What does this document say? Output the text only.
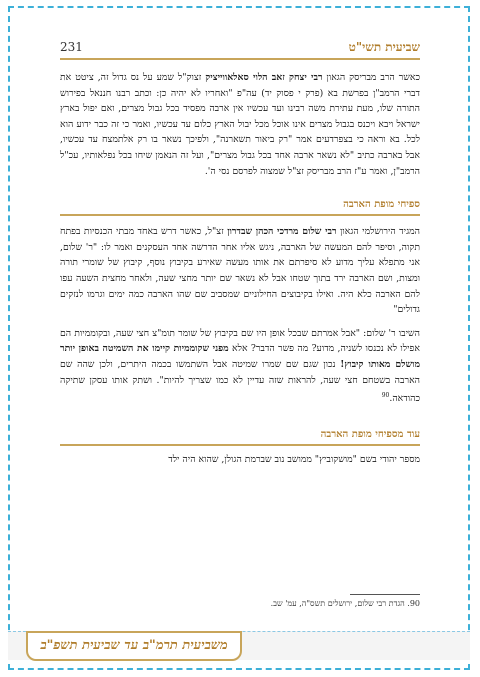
שביעית תשי"ט
231

כאשר הרב מבריסק הגאון רבי יצחק זאב הלוי סאלאווייציק זצוק"ל שמע על נס גדול זה, ציטט את דברי הרמב"ן בפרשת בא (פרק י פסוק יד) עה"פ "ואחריו לא יהיה כן: וכתב רבנו חננאל בפירוש התורה שלו, מעת עתירת משה רבינו ועד עכשיו אין ארבה מפסיד בכל גבול מצרים, ואם יפול בארץ ישראל ויבא ויכנס בגבול מצרים אינו אוכל מכל יבול הארץ כלום עד עכשיו, ואמר כי זה כבר ידוע הוא לכל. בא וראה כי בצפרדעים אמר "רק ביאור תשארנה", ולפיכך נשאר בו רק אלתמצח עד עכשיו, אבל בארבה כתיב "לא נשאר ארבה אחד בכל גבול מצרים", ועל זה הנאמן שיחו בכל נפלאותיו, עכ"ל הרמב"ן, ואמר ע"ז הרב מבריסק זצ"ל שמצוה לפרסם נסי ה'.

ספיחי מופת הארבה

המגיד הירושלמי הגאון רבי שלום מרדכי הכהן שבדרון זצ"ל, כאשר דרש באחד מבתי הכנסיות בפתח תקוה, וסיפר להם המעשה של הארבה, ניגש אליו אחר הדרשה אחד העסקנים ואמר לו: "ר' שלום, אני מתפלא עליך מדוע לא סיפרתם את אותו מעשה שאירע בקיבוץ נוסף, קיבוץ של שומרי תורה ומצות, ושם הארבה ירד בתוך שטחו אבל לא נשאר שם יותר מחצי שעה, ולאחר מחצית השעה עפו להם הארבה כלא היה. ואילו בקיבוצים החילוניים שמסביב שם שהו הארבה כמה ימים וגרמו לנזקים גדולים"

השיבו ר' שלום: "אבל אמרתם שבכל אופן היו שם בקיבוץ של שומר תומ"צ חצי שעה, ובקוממיות הם אפילו לא נכנסו לשניה, מדוע? מה פשר הדבר? אלא מפני שקוממיות קיימו את השמיטה באופן יותר מושלם מאותו קיבוץ! נכון שגם שם שמרו שמיטה אבל השתמשו בכמה היתרים, ולכן שהה שם הארבה בשטחם חצי שעה, להראות שזה עדיין לא כמו שצריך להיות". ושתק אותו עסקן שתיקה כהודאה.$^{90}$

עוד מספיחי מופת הארבה

מספר יהודי בשם "מושקוביץ" ממושב נוב שברמת הגולן, שהוא היה ילד

90. הגדת רבי שלום, ירושלים תשס"ה, עמ' שב.
משביעית תרמ"ב עד שביעית תשפ"ב
